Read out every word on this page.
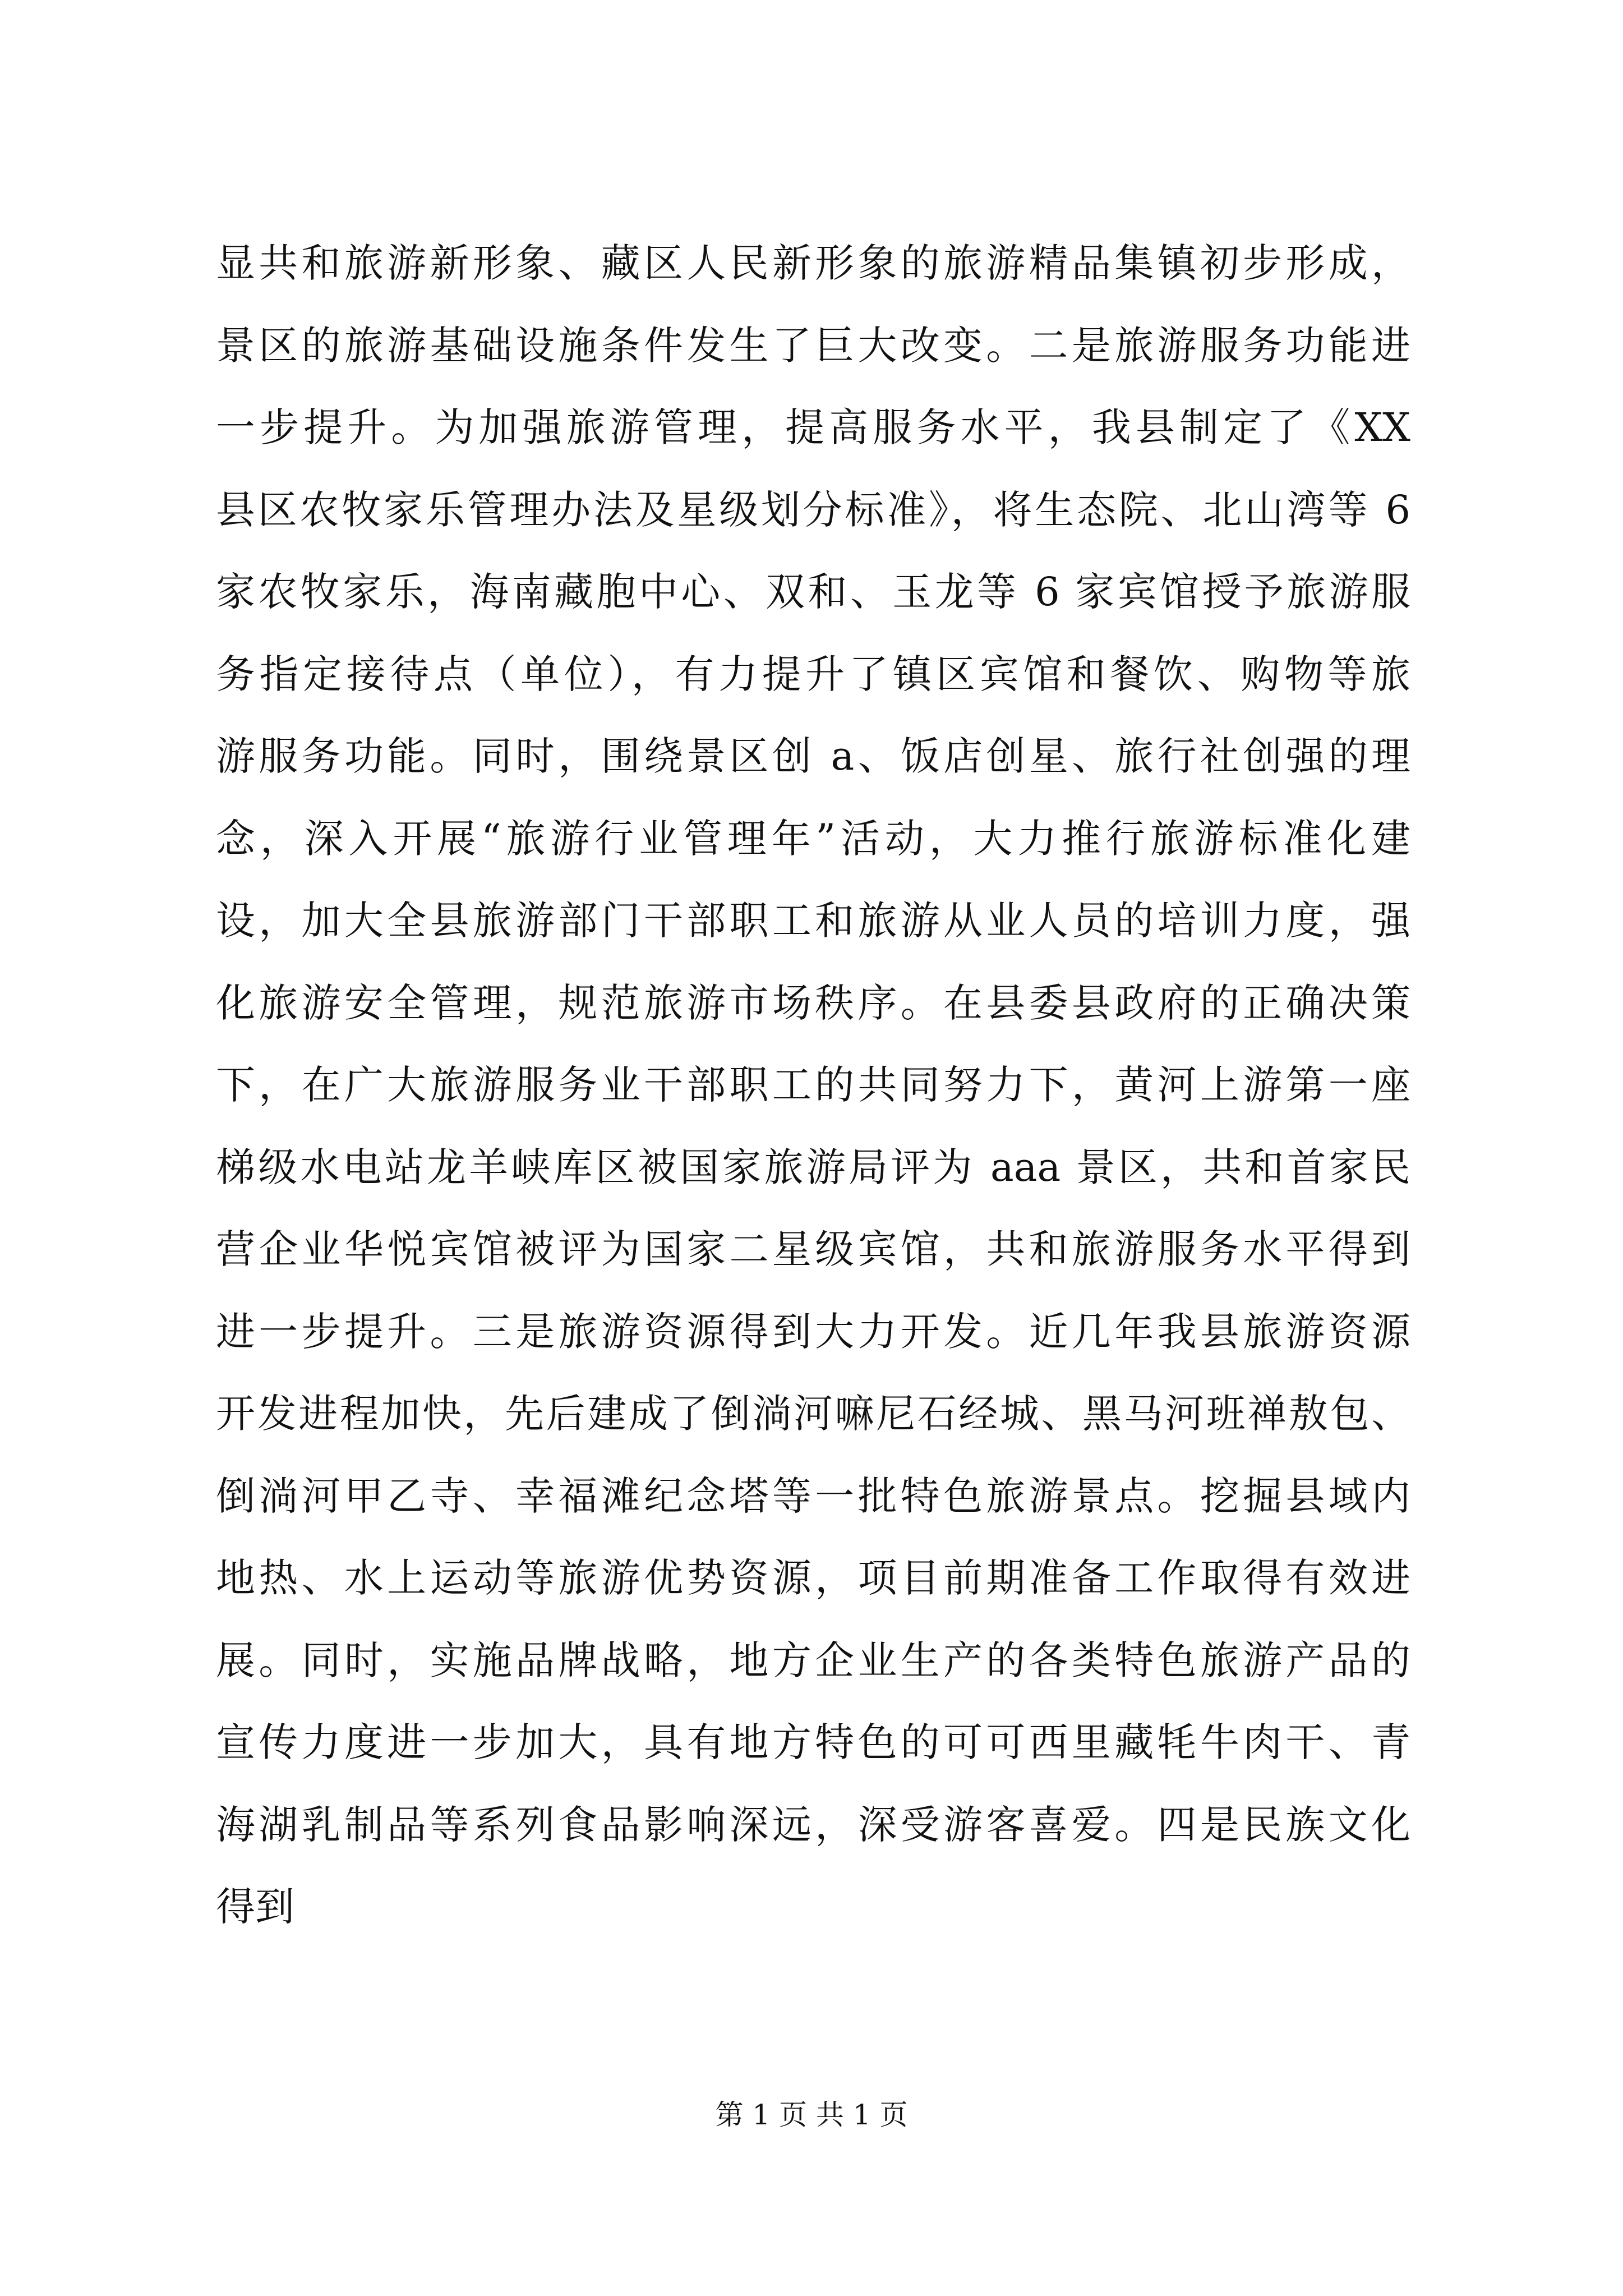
显共和旅游新形象、藏区人民新形象的旅游精品集镇初步形成，
景区的旅游基础设施条件发生了巨大改变。二是旅游服务功能进
一步提升。为加强旅游管理，提高服务水平，我县制定了《XX
县区农牧家乐管理办法及星级划分标准》，将生态院、北山湾等 6
家农牧家乐，海南藏胞中心、双和、玉龙等 6 家宾馆授予旅游服
务指定接待点（单位），有力提升了镇区宾馆和餐饮、购物等旅
游服务功能。同时，围绕景区创 a、饭店创星、旅行社创强的理
念，深入开展“旅游行业管理年”活动，大力推行旅游标准化建
设，加大全县旅游部门干部职工和旅游从业人员的培训力度，强
化旅游安全管理，规范旅游市场秩序。在县委县政府的正确决策
下，在广大旅游服务业干部职工的共同努力下，黄河上游第一座
梯级水电站龙羊峡库区被国家旅游局评为 aaa 景区，共和首家民
营企业华悦宾馆被评为国家二星级宾馆，共和旅游服务水平得到
进一步提升。三是旅游资源得到大力开发。近几年我县旅游资源
开发进程加快，先后建成了倒淌河嘛尼石经城、黑马河班禅敖包、
倒淌河甲乙寺、幸福滩纪念塔等一批特色旅游景点。挖掘县域内
地热、水上运动等旅游优势资源，项目前期准备工作取得有效进
展。同时，实施品牌战略，地方企业生产的各类特色旅游产品的
宣传力度进一步加大，具有地方特色的可可西里藏牦牛肉干、青
海湖乳制品等系列食品影响深远，深受游客喜爱。四是民族文化
得到
第 1 页 共 1 页
